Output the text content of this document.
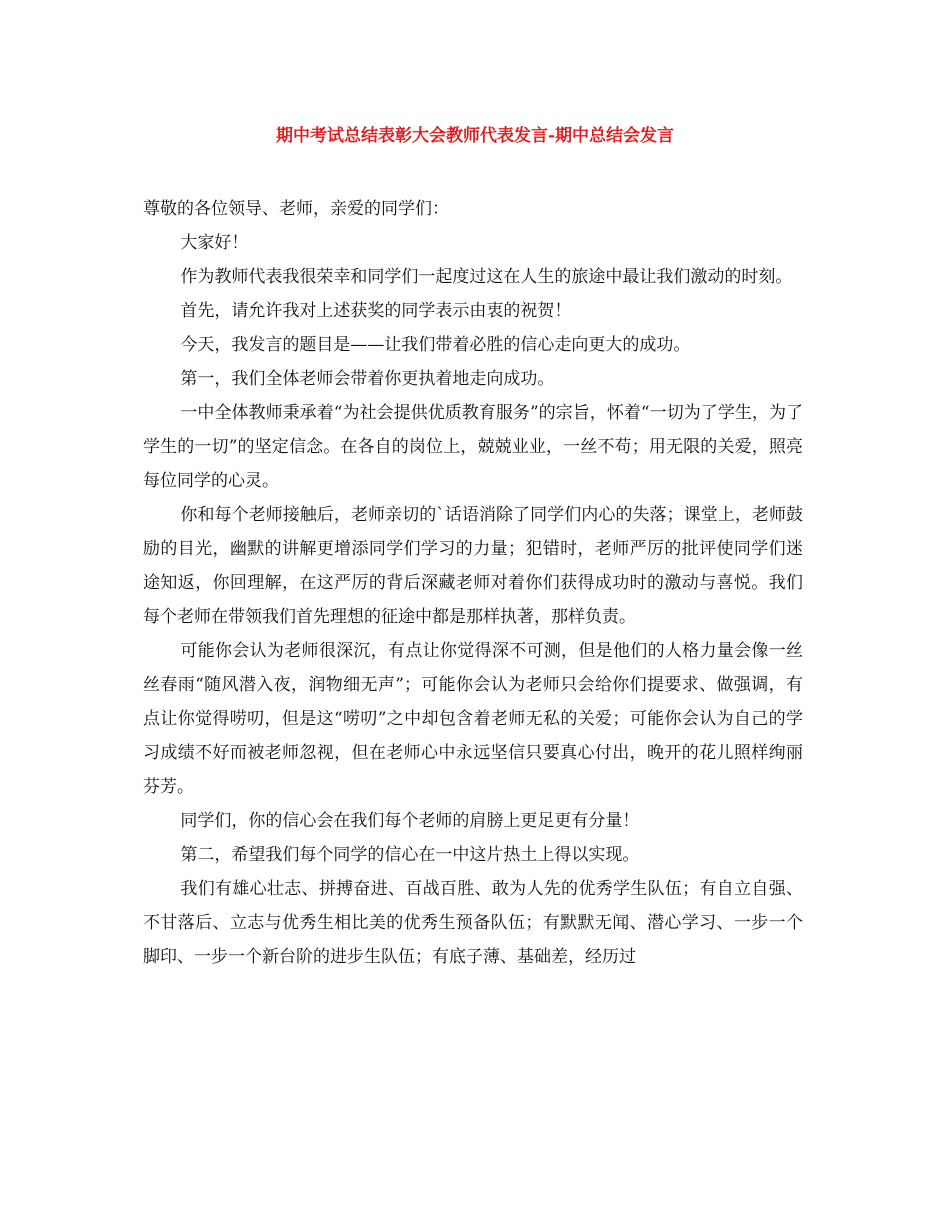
期中考试总结表彰大会教师代表发言-期中总结会发言

尊敬的各位领导、老师，亲爱的同学们：

大家好！

作为教师代表我很荣幸和同学们一起度过这在人生的旅途中最让我们激动的时刻。

首先，请允许我对上述获奖的同学表示由衷的祝贺！

今天，我发言的题目是——让我们带着必胜的信心走向更大的成功。

第一，我们全体老师会带着你更执着地走向成功。

一中全体教师秉承着“为社会提供优质教育服务”的宗旨，怀着“一切为了学生，为了学生的一切”的坚定信念。在各自的岗位上，兢兢业业，一丝不苟；用无限的关爱，照亮每位同学的心灵。

你和每个老师接触后，老师亲切的`话语消除了同学们内心的失落；课堂上，老师鼓励的目光，幽默的讲解更增添同学们学习的力量；犯错时，老师严厉的批评使同学们迷途知返，你回理解，在这严厉的背后深藏老师对着你们获得成功时的激动与喜悦。我们每个老师在带领我们首先理想的征途中都是那样执著，那样负责。

可能你会认为老师很深沉，有点让你觉得深不可测，但是他们的人格力量会像一丝丝春雨“随风潜入夜，润物细无声”；可能你会认为老师只会给你们提要求、做强调，有点让你觉得唠叨，但是这“唠叨”之中却包含着老师无私的关爱；可能你会认为自己的学习成绩不好而被老师忽视，但在老师心中永远坚信只要真心付出，晚开的花儿照样绚丽芬芳。

同学们，你的信心会在我们每个老师的肩膀上更足更有分量！

第二，希望我们每个同学的信心在一中这片热土上得以实现。

我们有雄心壮志、拼搏奋进、百战百胜、敢为人先的优秀学生队伍；有自立自强、不甘落后、立志与优秀生相比美的优秀生预备队伍；有默默无闻、潜心学习、一步一个脚印、一步一个新台阶的进步生队伍；有底子薄、基础差，经历过
